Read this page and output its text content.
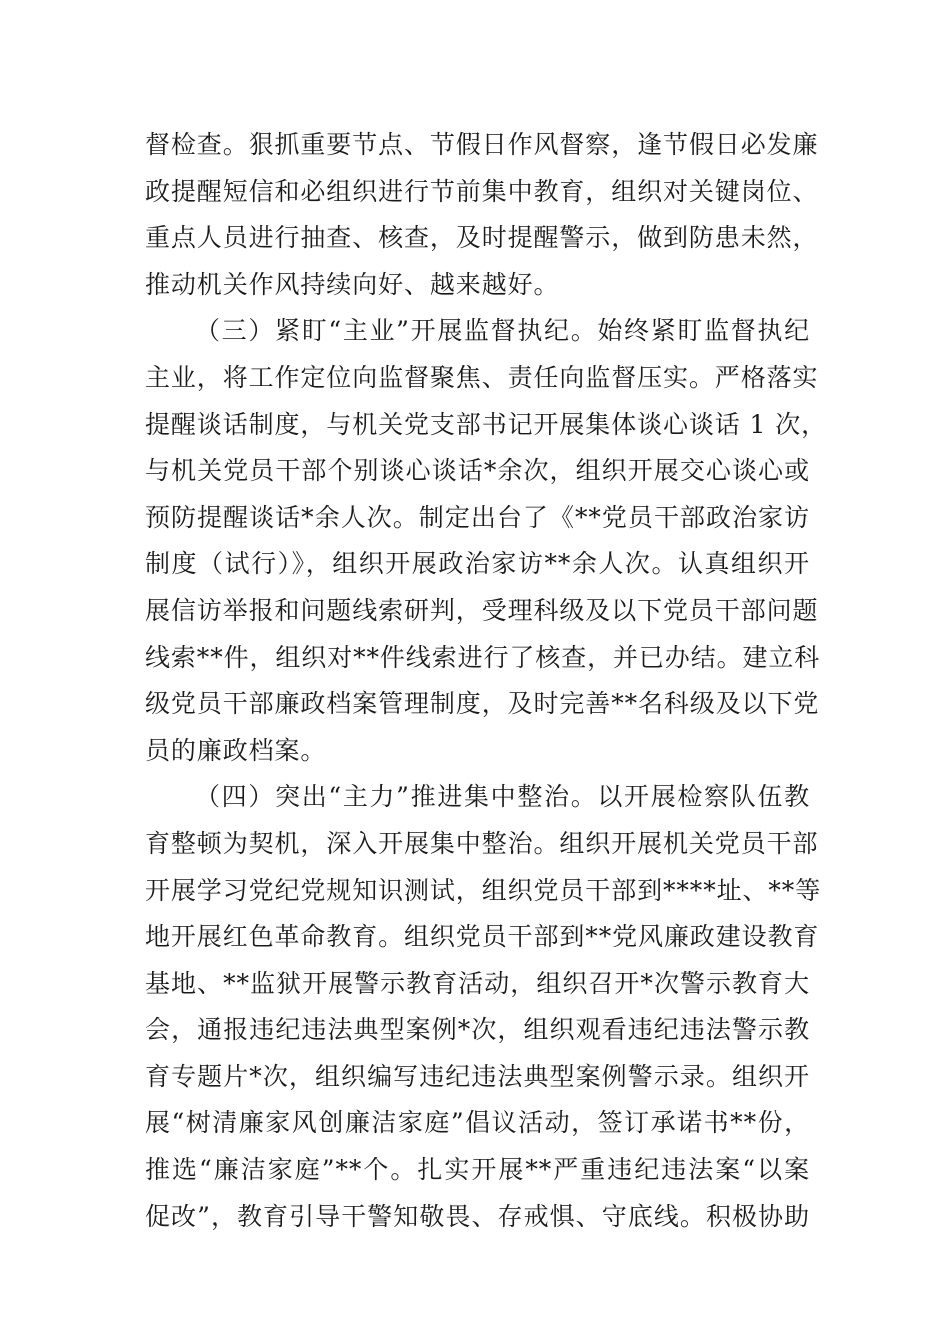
督检查。狠抓重要节点、节假日作风督察，逢节假日必发廉
政提醒短信和必组织进行节前集中教育，组织对关键岗位、
重点人员进行抽查、核查，及时提醒警示，做到防患未然，
推动机关作风持续向好、越来越好。

（三）紧盯“主业”开展监督执纪。始终紧盯监督执纪
主业，将工作定位向监督聚焦、责任向监督压实。严格落实
提醒谈话制度，与机关党支部书记开展集体谈心谈话 1 次，
与机关党员干部个别谈心谈话*余次，组织开展交心谈心或
预防提醒谈话*余人次。制定出台了《**党员干部政治家访
制度（试行）》，组织开展政治家访**余人次。认真组织开
展信访举报和问题线索研判，受理科级及以下党员干部问题
线索**件，组织对**件线索进行了核查，并已办结。建立科
级党员干部廉政档案管理制度，及时完善**名科级及以下党
员的廉政档案。

（四）突出“主力”推进集中整治。以开展检察队伍教
育整顿为契机，深入开展集中整治。组织开展机关党员干部
开展学习党纪党规知识测试，组织党员干部到****址、**等
地开展红色革命教育。组织党员干部到**党风廉政建设教育
基地、**监狱开展警示教育活动，组织召开*次警示教育大
会，通报违纪违法典型案例*次，组织观看违纪违法警示教
育专题片*次，组织编写违纪违法典型案例警示录。组织开
展“树清廉家风创廉洁家庭”倡议活动，签订承诺书**份，
推选“廉洁家庭”**个。扎实开展**严重违纪违法案“以案
促改”，教育引导干警知敬畏、存戒惧、守底线。积极协助
